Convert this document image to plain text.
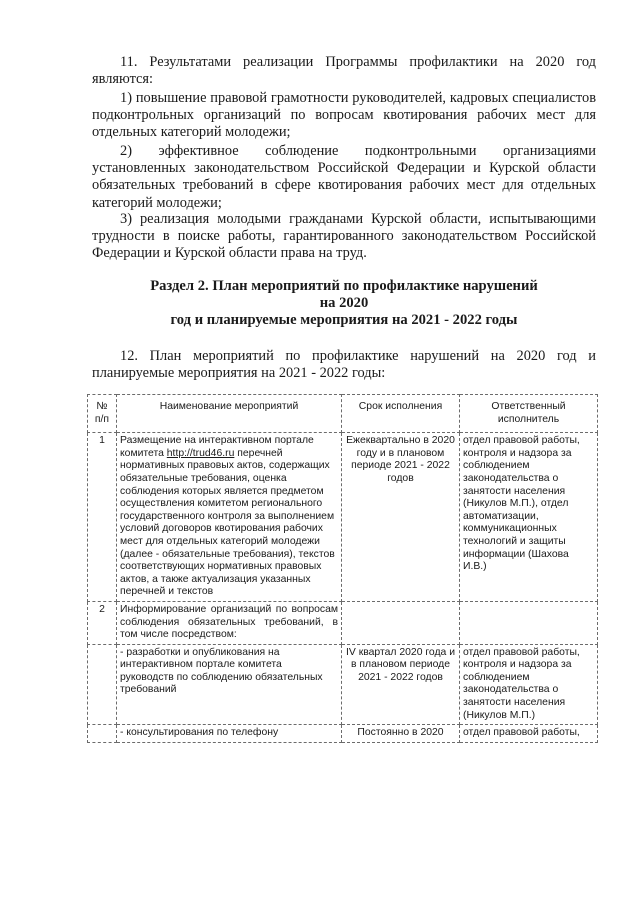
11. Результатами реализации Программы профилактики на 2020 год являются:
1) повышение правовой грамотности руководителей, кадровых специалистов подконтрольных организаций по вопросам квотирования рабочих мест для отдельных категорий молодежи;
2) эффективное соблюдение подконтрольными организациями установленных законодательством Российской Федерации и Курской области обязательных требований в сфере квотирования рабочих мест для отдельных категорий молодежи;
3) реализация молодыми гражданами Курской области, испытывающими трудности в поиске работы, гарантированного законодательством Российской Федерации и Курской области права на труд.
Раздел 2. План мероприятий по профилактике нарушений
на 2020
год и планируемые мероприятия на 2021 - 2022 годы
12. План мероприятий по профилактике нарушений на 2020 год и планируемые мероприятия на 2021 - 2022 годы:
№ п/п	Наименование мероприятий	Срок исполнения	Ответственный исполнитель
1	Размещение на интерактивном портале комитета http://trud46.ru перечней нормативных правовых актов, содержащих обязательные требования, оценка соблюдения которых является предметом осуществления комитетом регионального государственного контроля за выполнением условий договоров квотирования рабочих мест для отдельных категорий молодежи (далее - обязательные требования), текстов соответствующих нормативных правовых актов, а также актуализация указанных перечней и текстов	Ежеквартально в 2020 году и в плановом периоде 2021 - 2022 годов	отдел правовой работы, контроля и надзора за соблюдением законодательства о занятости населения (Никулов М.П.), отдел автоматизации, коммуникационных технологий и защиты информации (Шахова И.В.)
2	Информирование организаций по вопросам соблюдения обязательных требований, в том числе посредством:		
	- разработки и опубликования на интерактивном портале комитета руководств по соблюдению обязательных требований	IV квартал 2020 года и в плановом периоде 2021 - 2022 годов	отдел правовой работы, контроля и надзора за соблюдением законодательства о занятости населения (Никулов М.П.)
	- консультирования по телефону	Постоянно в 2020	отдел правовой работы,
